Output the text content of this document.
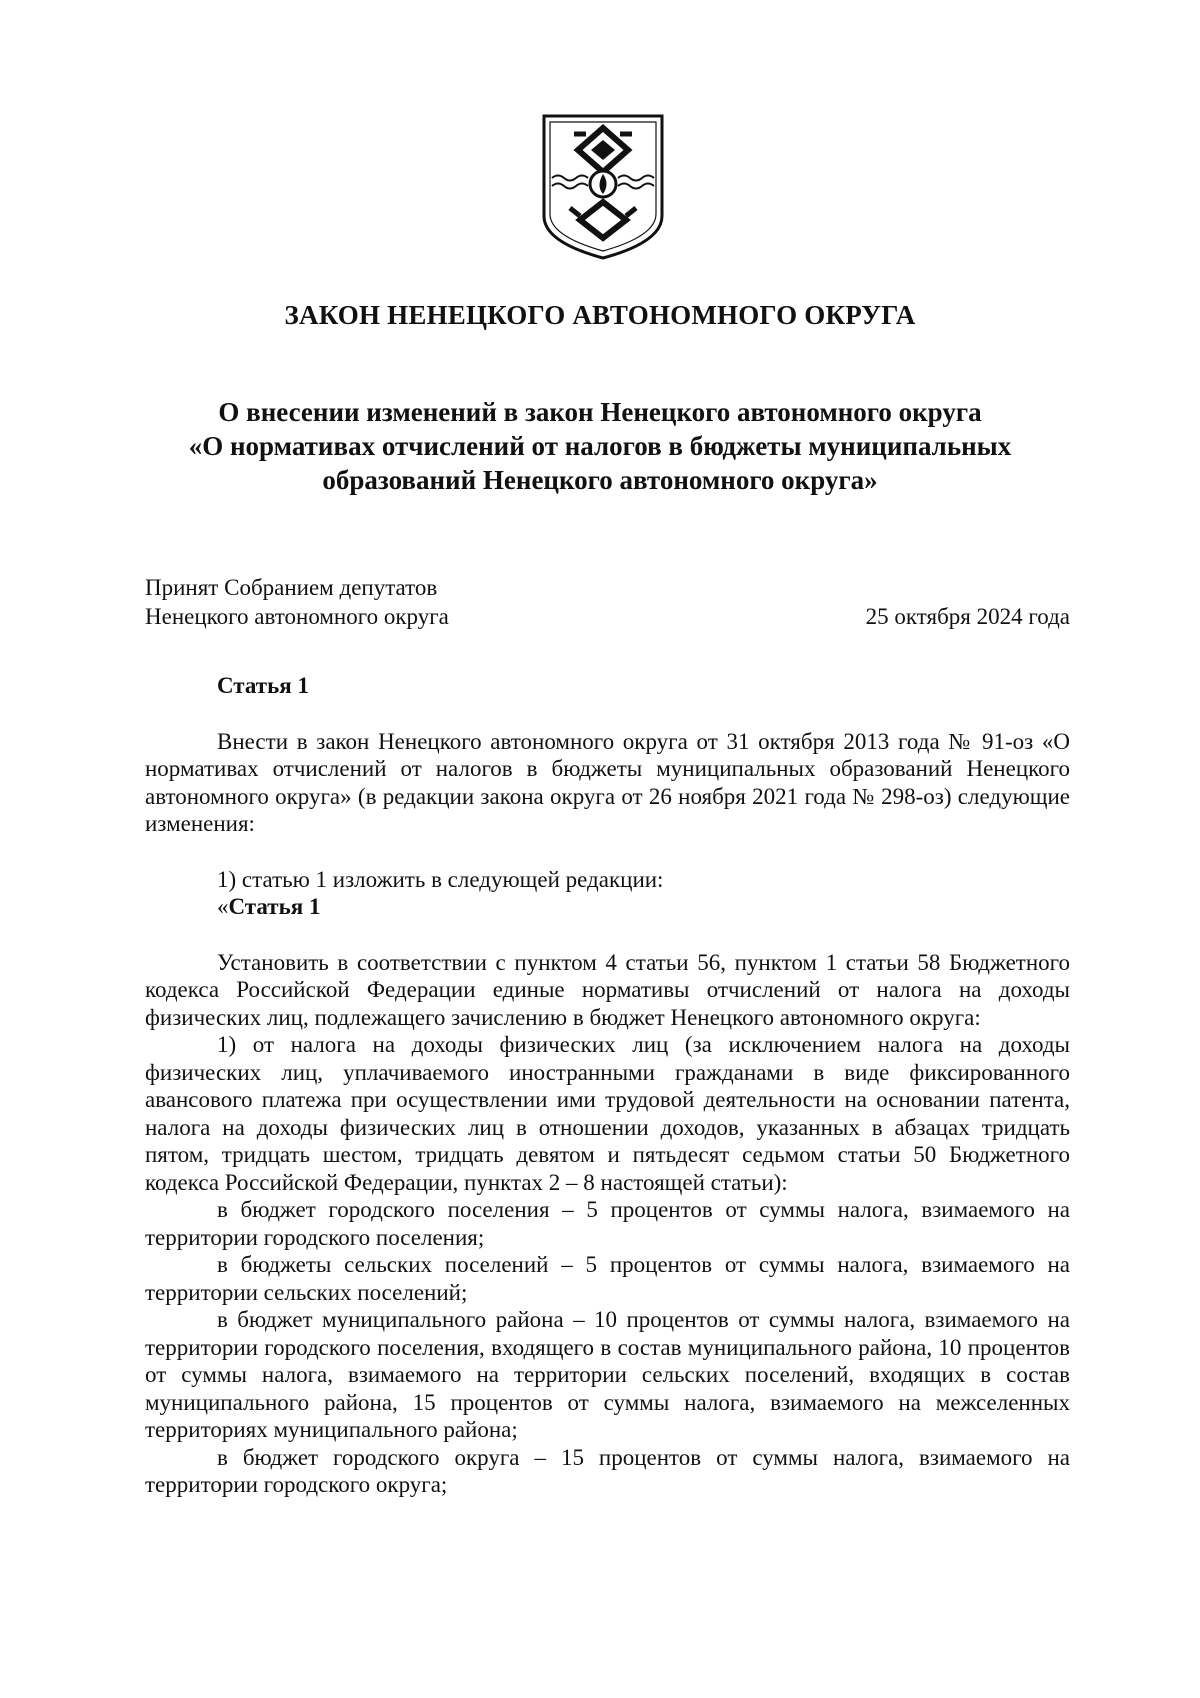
ЗАКОН НЕНЕЦКОГО АВТОНОМНОГО ОКРУГА
О внесении изменений в закон Ненецкого автономного округа
«О нормативах отчислений от налогов в бюджеты муниципальных
образований Ненецкого автономного округа»
Принят Собранием депутатов
Ненецкого автономного округа	25 октября 2024 года

Статья 1

Внести в закон Ненецкого автономного округа от 31 октября 2013 года № 91-оз «О нормативах отчислений от налогов в бюджеты муниципальных образований Ненецкого автономного округа» (в редакции закона округа от 26 ноября 2021 года № 298-оз) следующие изменения:

1) статью 1 изложить в следующей редакции:

«Статья 1

Установить в соответствии с пунктом 4 статьи 56, пунктом 1 статьи 58 Бюджетного кодекса Российской Федерации единые нормативы отчислений от налога на доходы физических лиц, подлежащего зачислению в бюджет Ненецкого автономного округа:

1) от налога на доходы физических лиц (за исключением налога на доходы физических лиц, уплачиваемого иностранными гражданами в виде фиксированного авансового платежа при осуществлении ими трудовой деятельности на основании патента, налога на доходы физических лиц в отношении доходов, указанных в абзацах тридцать пятом, тридцать шестом, тридцать девятом и пятьдесят седьмом статьи 50 Бюджетного кодекса Российской Федерации, пунктах 2 – 8 настоящей статьи):

в бюджет городского поселения – 5 процентов от суммы налога, взимаемого на территории городского поселения;

в бюджеты сельских поселений – 5 процентов от суммы налога, взимаемого на территории сельских поселений;

в бюджет муниципального района – 10 процентов от суммы налога, взимаемого на территории городского поселения, входящего в состав муниципального района, 10 процентов от суммы налога, взимаемого на территории сельских поселений, входящих в состав муниципального района, 15 процентов от суммы налога, взимаемого на межселенных территориях муниципального района;

в бюджет городского округа – 15 процентов от суммы налога, взимаемого на территории городского округа;
